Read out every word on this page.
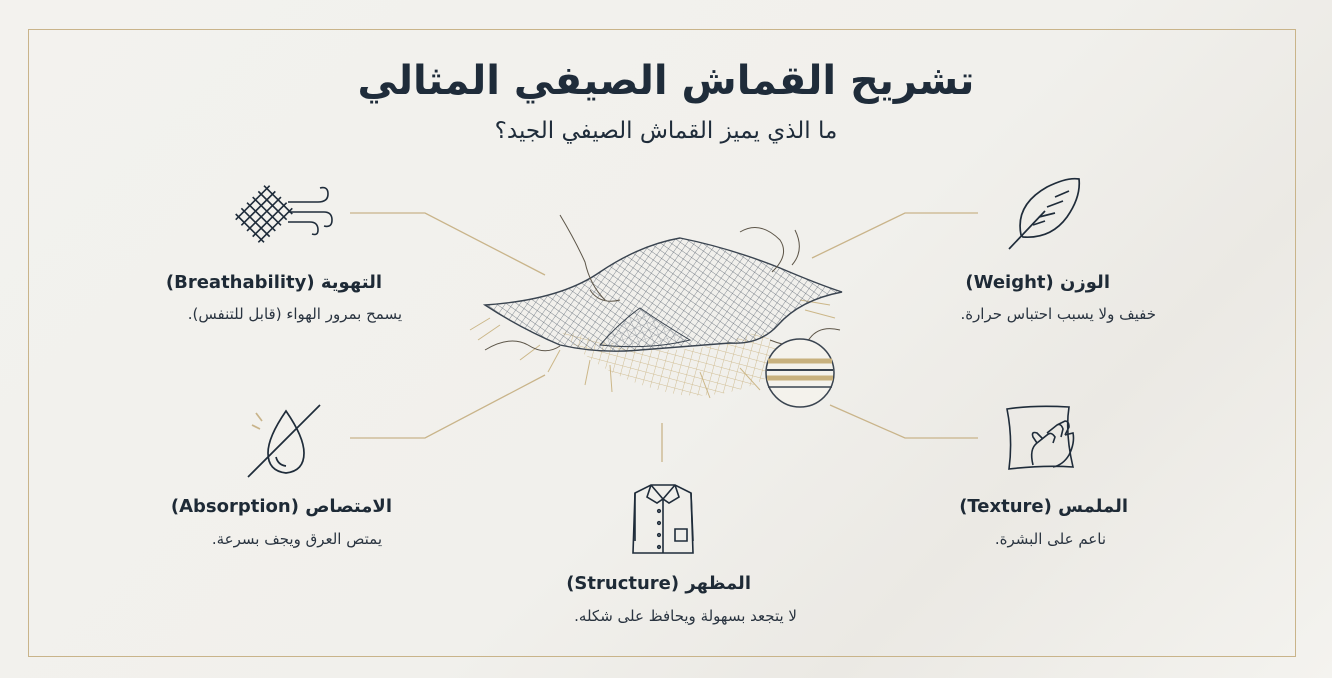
تشريح القماش الصيفي المثالي
ما الذي يميز القماش الصيفي الجيد؟
التهوية (Breathability)
يسمح بمرور الهواء (قابل للتنفس).
الوزن (Weight)
خفيف ولا يسبب احتباس حرارة.
الامتصاص (Absorption)
يمتص العرق ويجف بسرعة.
الملمس (Texture)
ناعم على البشرة.
المظهر (Structure)
لا يتجعد بسهولة ويحافظ على شكله.
